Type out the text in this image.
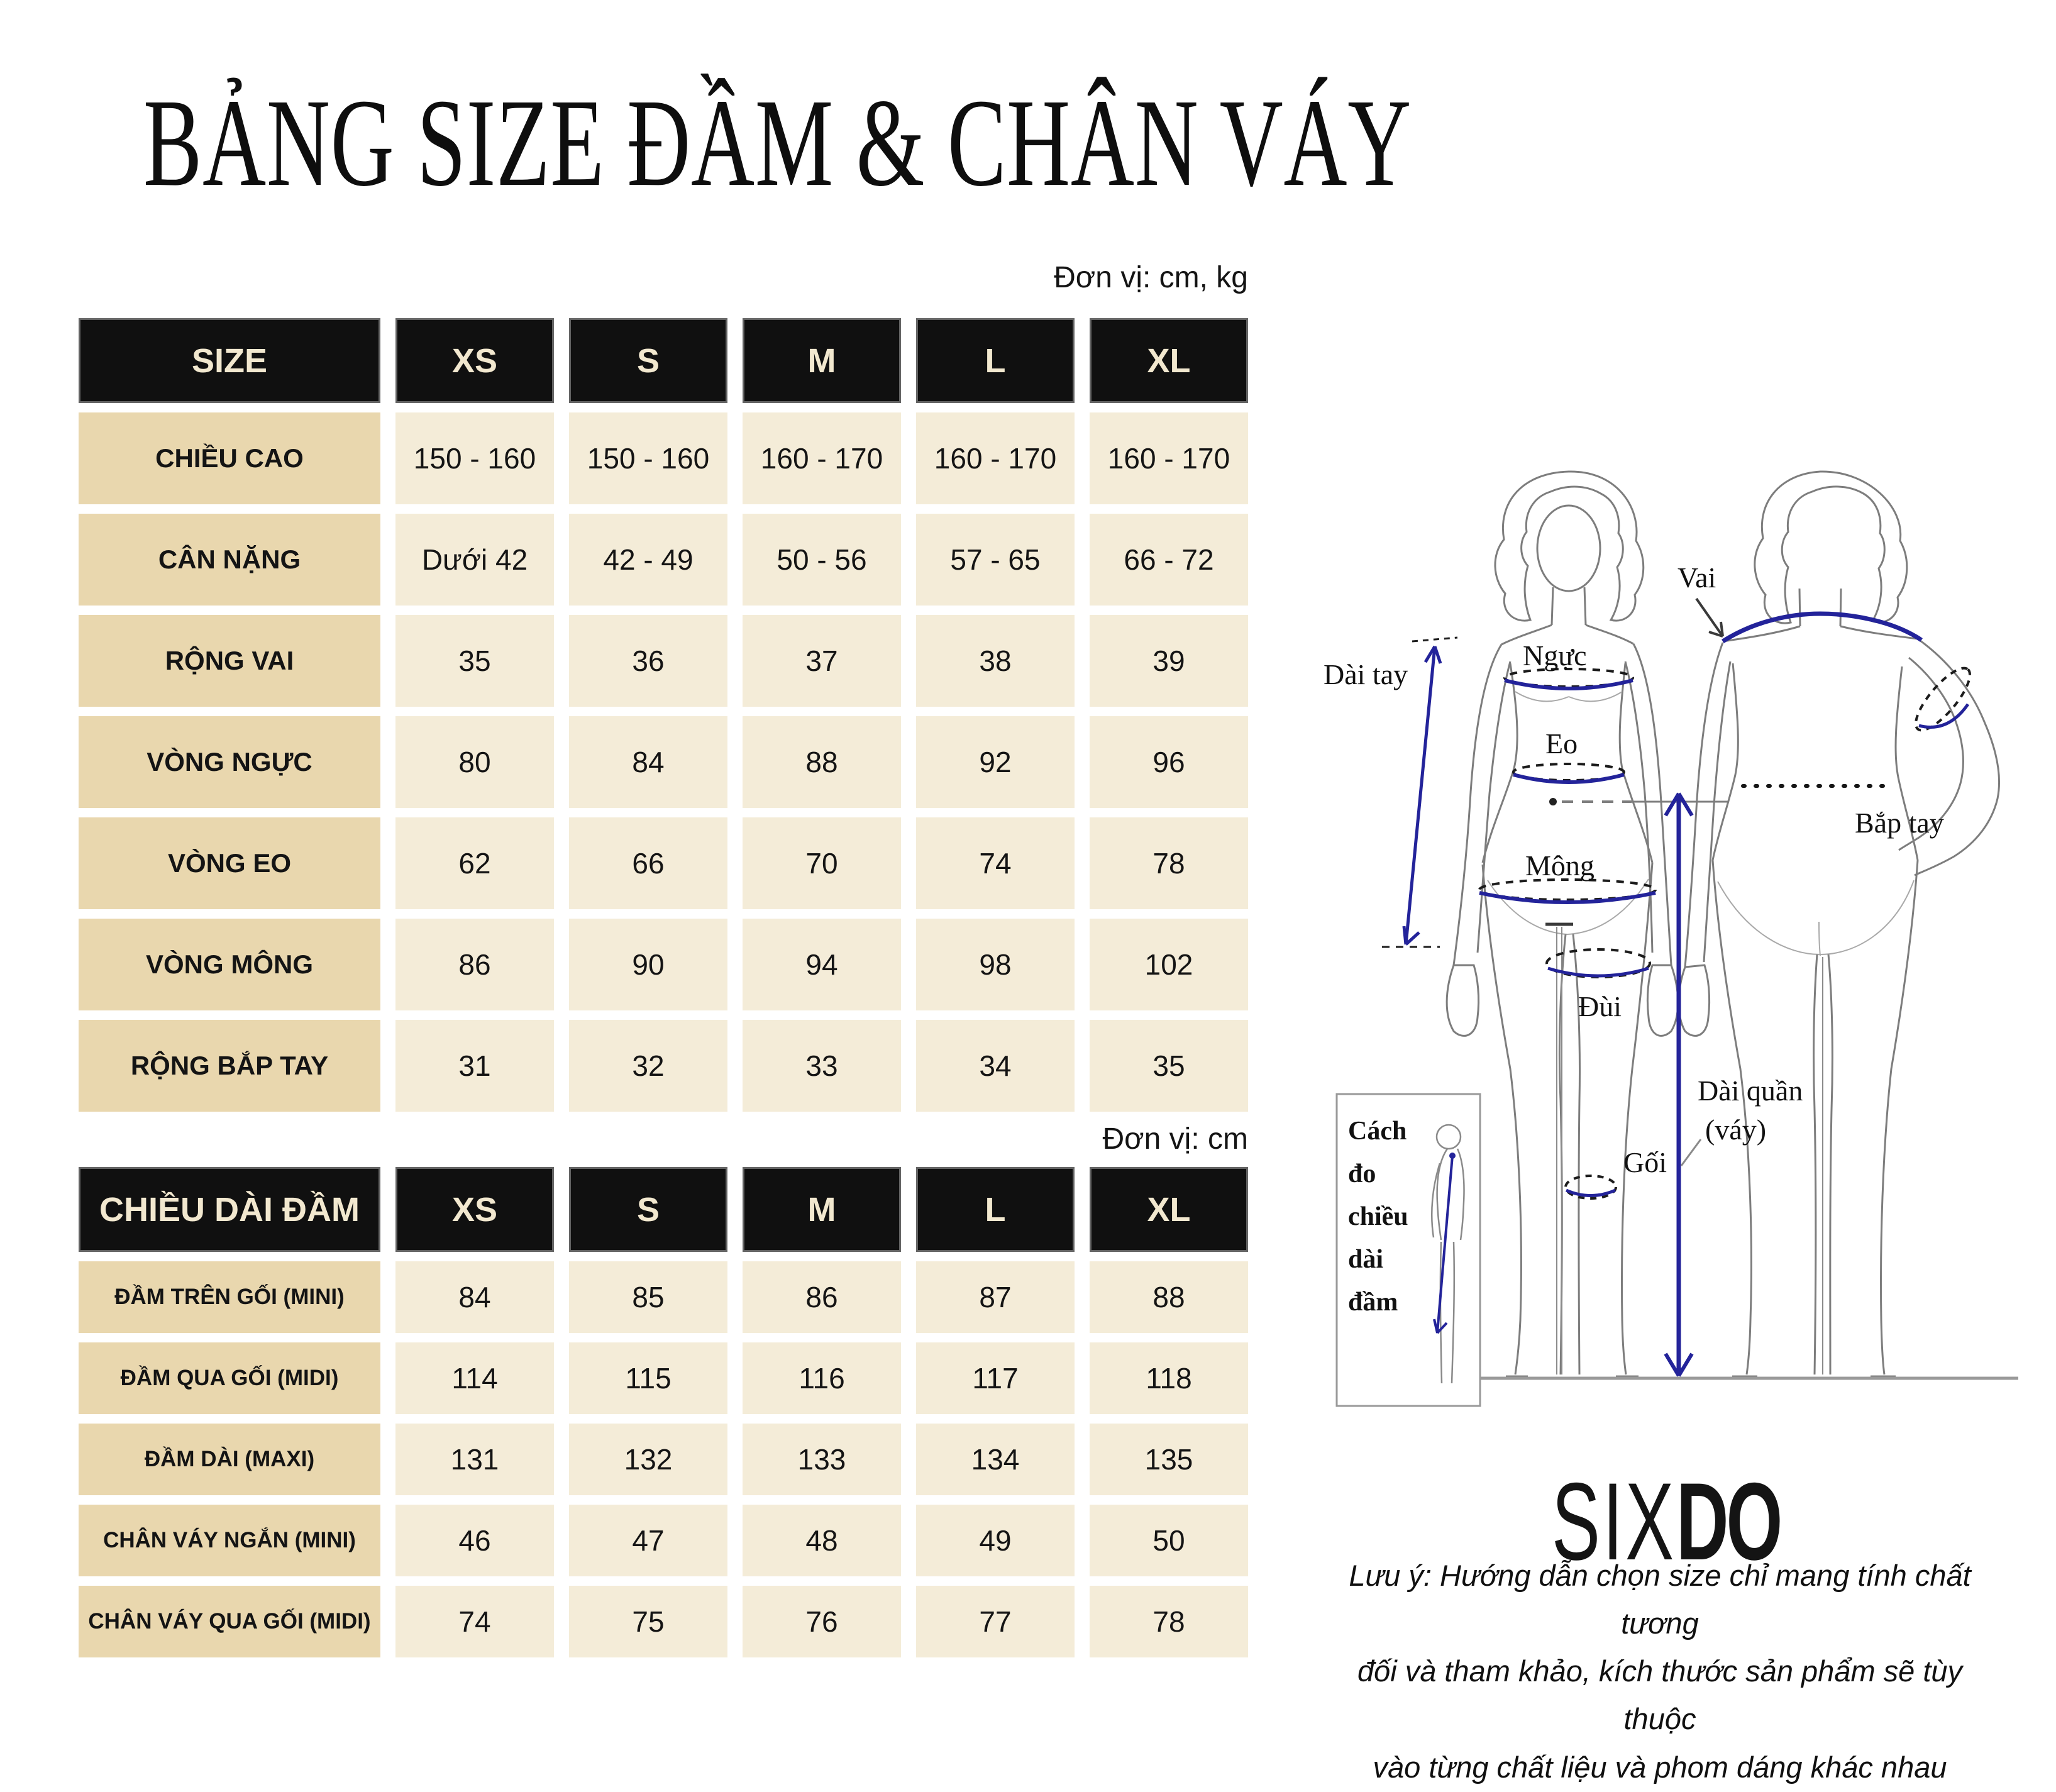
BẢNG SIZE ĐẦM & CHÂN VÁY
Đơn vị: cm, kg
SIZE	XS	S	M	L	XL
CHIỀU CAO	150 - 160	150 - 160	160 - 170	160 - 170	160 - 170
CÂN NẶNG	Dưới 42	42 - 49	50 - 56	57 - 65	66 - 72
RỘNG VAI	35	36	37	38	39
VÒNG NGỰC	80	84	88	92	96
VÒNG EO	62	66	70	74	78
VÒNG MÔNG	86	90	94	98	102
RỘNG BẮP TAY	31	32	33	34	35
Đơn vị: cm
CHIỀU DÀI ĐẦM	XS	S	M	L	XL
ĐẦM TRÊN GỐI (MINI)	84	85	86	87	88
ĐẦM QUA GỐI (MIDI)	114	115	116	117	118
ĐẦM DÀI (MAXI)	131	132	133	134	135
CHÂN VÁY NGẮN (MINI)	46	47	48	49	50
CHÂN VÁY QUA GỐI (MIDI)	74	75	76	77	78
Cách
đo
chiều
dài
đầm
Dài tay
Ngực
Eo
Mông
Vai
Bắp tay
Đùi
Gối
Dài quần
(váy)
SIXDO
Lưu ý: Hướng dẫn chọn size chỉ mang tính chất tương
đối và tham khảo, kích thước sản phẩm sẽ tùy thuộc
vào từng chất liệu và phom dáng khác nhau
